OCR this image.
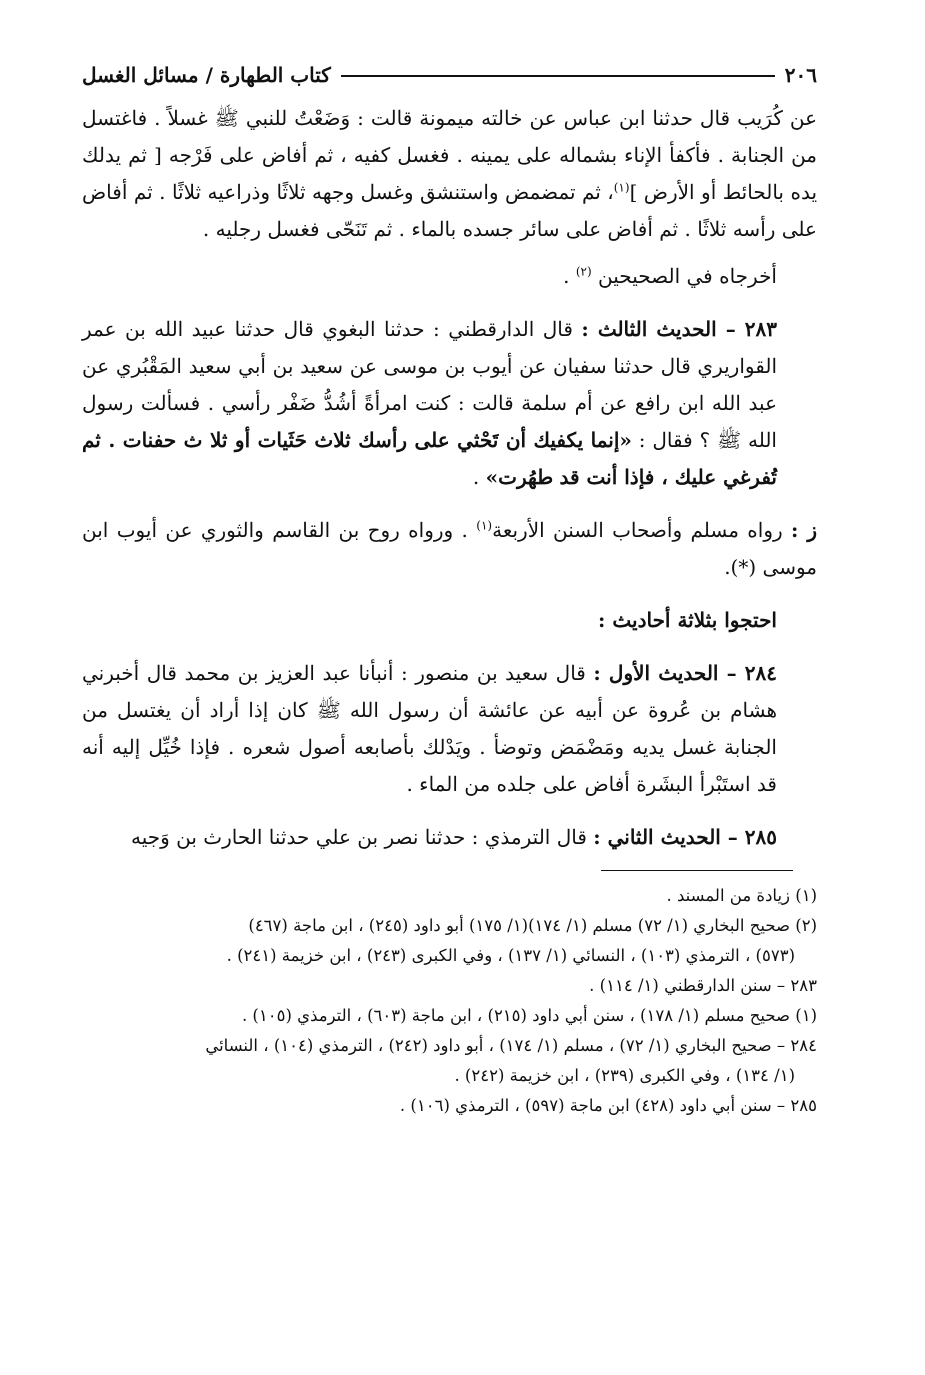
٢٠٦
كتاب الطهارة / مسائل الغسل

عن كُرَيب قال حدثنا ابن عباس عن خالته ميمونة قالت : وَضَعْتُ للنبي ﷺ غسلاً . فاغتسل من الجنابة . فأكفأ الإناء بشماله على يمينه . فغسل كفيه ، ثم أفاض على فَرْجه [ ثم يدلك يده بالحائط أو الأرض ]$^{(١)}$، ثم تمضمض واستنشق وغسل وجهه ثلاثًا وذراعيه ثلاثًا . ثم أفاض على رأسه ثلاثًا . ثم أفاض على سائر جسده بالماء . ثم تَنَحّى فغسل رجليه .

أخرجاه في الصحيحين $^{(٢)}$ .

٢٨٣ – الحديث الثالث : قال الدارقطني : حدثنا البغوي قال حدثنا عبيد الله بن عمر القواريري قال حدثنا سفيان عن أيوب بن موسى عن سعيد بن أبي سعيد المَقْبُري عن عبد الله ابن رافع عن أم سلمة قالت : كنت امرأةً أشُدُّ ضَفْر رأسي . فسألت رسول الله ﷺ ؟ فقال : «إنما يكفيك أن تَحْثي على رأسك ثلاث حَثَيات أو ثلا ث حفنات . ثم تُفرغي عليك ، فإذا أنت قد طهُرت» .

ز : رواه مسلم وأصحاب السنن الأربعة$^{(١)}$ . ورواه روح بن القاسم والثوري عن أيوب ابن موسى (*).

احتجوا بثلاثة أحاديث :

٢٨٤ – الحديث الأول : قال سعيد بن منصور : أنبأنا عبد العزيز بن محمد قال أخبرني هشام بن عُروة عن أبيه عن عائشة أن رسول الله ﷺ كان إذا أراد أن يغتسل من الجنابة غسل يديه ومَضْمَض وتوضأ . ويَدْلك بأصابعه أصول شعره . فإذا خُيِّل إليه أنه قد استَبْرأ البشَرة أفاض على جلده من الماء .

٢٨٥ – الحديث الثاني : قال الترمذي : حدثنا نصر بن علي حدثنا الحارث بن وَجيه

(١) زيادة من المسند .

(٢) صحيح البخاري (١/ ٧٢) مسلم (١/ ١٧٤)(١/ ١٧٥) أبو داود (٢٤٥) ، ابن ماجة (٤٦٧)
(٥٧٣) ، الترمذي (١٠٣) ، النسائي (١/ ١٣٧) ، وفي الكبرى (٢٤٣) ، ابن خزيمة (٢٤١) .

٢٨٣ – سنن الدارقطني (١/ ١١٤) .

(١) صحيح مسلم (١/ ١٧٨) ، سنن أبي داود (٢١٥) ، ابن ماجة (٦٠٣) ، الترمذي (١٠٥) .

٢٨٤ – صحيح البخاري (١/ ٧٢) ، مسلم (١/ ١٧٤) ، أبو داود (٢٤٢) ، الترمذي (١٠٤) ، النسائي
(١/ ١٣٤) ، وفي الكبرى (٢٣٩) ، ابن خزيمة (٢٤٢) .

٢٨٥ – سنن أبي داود (٤٢٨) ابن ماجة (٥٩٧) ، الترمذي (١٠٦) .
